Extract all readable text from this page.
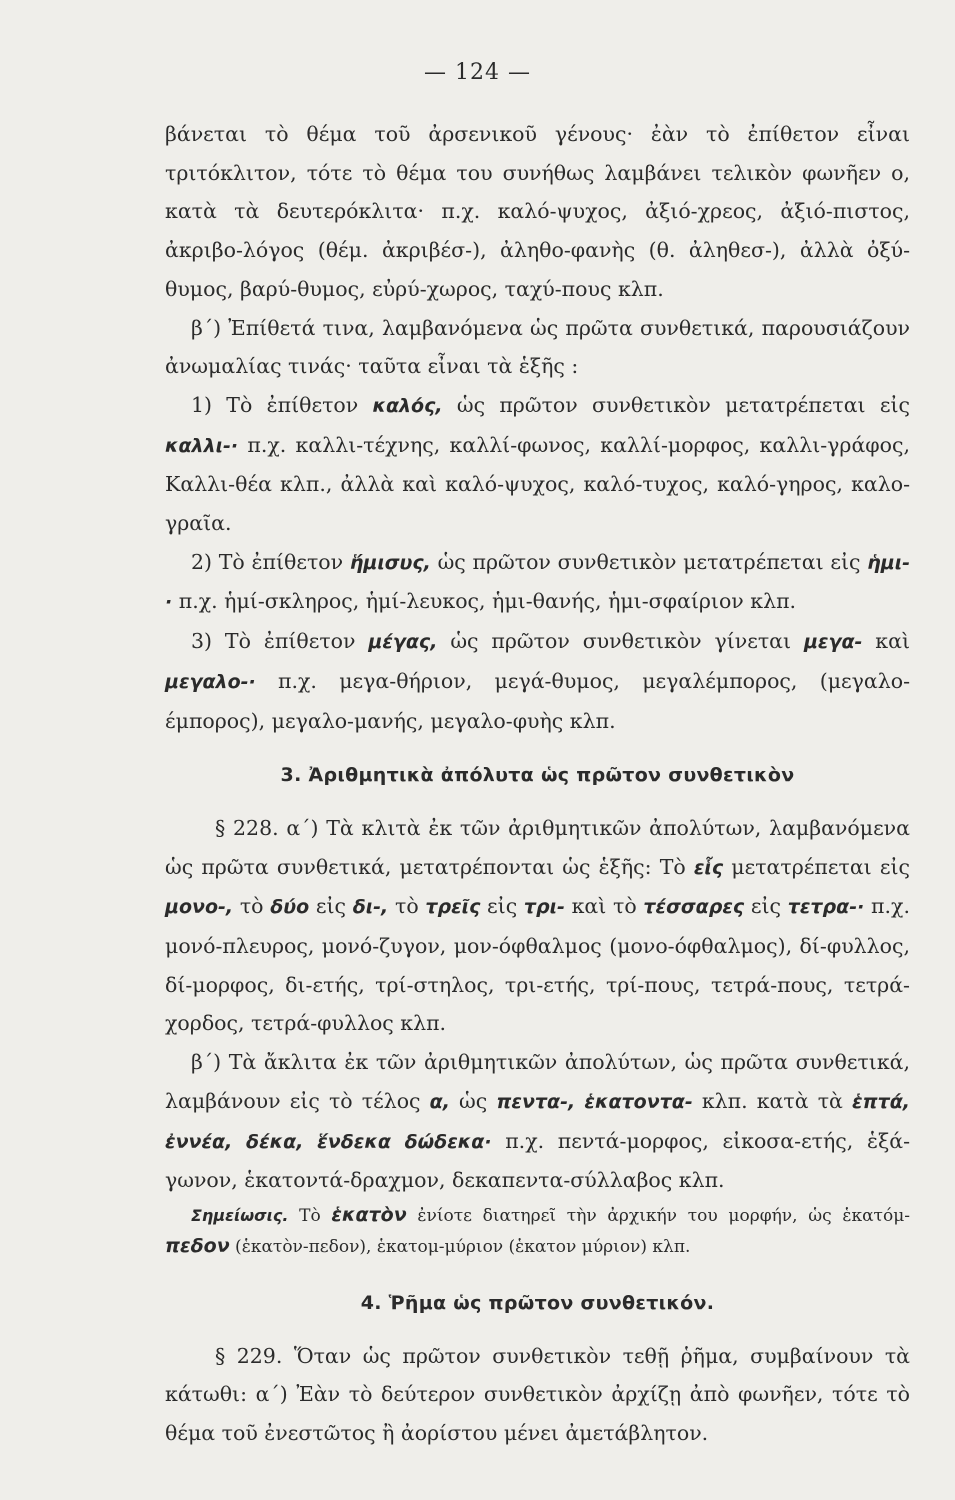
— 124 —

βάνεται τὸ θέμα τοῦ ἀρσενικοῦ γένους· ἐὰν τὸ ἐπίθετον εἶναι τριτόκλιτον, τότε τὸ θέμα του συνήθως λαμβάνει τελικὸν φωνῆεν ο, κατὰ τὰ δευτερόκλιτα· π.χ. καλό-ψυχος, ἀξιό-χρεος, ἀξιό-πιστος, ἀκριβο-λόγος (θέμ. ἀκριβέσ-), ἀληθο-φανὴς (θ. ἀληθεσ-), ἀλλὰ ὀξύ-θυμος, βαρύ-θυμος, εὐρύ-χωρος, ταχύ-πους κλπ.

β΄) Ἐπίθετά τινα, λαμβανόμενα ὡς πρῶτα συνθετικά, παρουσιάζουν ἀνωμαλίας τινάς· ταῦτα εἶναι τὰ ἑξῆς :

1) Τὸ ἐπίθετον καλός, ὡς πρῶτον συνθετικὸν μετατρέπεται εἰς καλλι-· π.χ. καλλι-τέχνης, καλλί-φωνος, καλλί-μορφος, καλλι-γράφος, Καλλι-θέα κλπ., ἀλλὰ καὶ καλό-ψυχος, καλό-τυχος, καλό-γηρος, καλο-γραῖα.

2) Τὸ ἐπίθετον ἥμισυς, ὡς πρῶτον συνθετικὸν μετατρέπεται εἰς ἡμι-· π.χ. ἡμί-σκληρος, ἡμί-λευκος, ἡμι-θανής, ἡμι-σφαίριον κλπ.

3) Τὸ ἐπίθετον μέγας, ὡς πρῶτον συνθετικὸν γίνεται μεγα- καὶ μεγαλο-· π.χ. μεγα-θήριον, μεγά-θυμος, μεγαλέμπορος, (μεγαλο-έμπορος), μεγαλο-μανής, μεγαλο-φυὴς κλπ.

3. Ἀριθμητικὰ ἀπόλυτα ὡς πρῶτον συνθετικὸν

§ 228. α΄) Τὰ κλιτὰ ἐκ τῶν ἀριθμητικῶν ἀπολύτων, λαμβανόμενα ὡς πρῶτα συνθετικά, μετατρέπονται ὡς ἑξῆς: Τὸ εἷς μετατρέπεται εἰς μονο-, τὸ δύο εἰς δι-, τὸ τρεῖς εἰς τρι- καὶ τὸ τέσσαρες εἰς τετρα-· π.χ. μονό-πλευρος, μονό-ζυγον, μον-όφθαλμος (μονο-όφθαλμος), δί-φυλλος, δί-μορφος, δι-ετής, τρί-στηλος, τρι-ετής, τρί-πους, τετρά-πους, τετρά-χορδος, τετρά-φυλλος κλπ.

β΄) Τὰ ἄκλιτα ἐκ τῶν ἀριθμητικῶν ἀπολύτων, ὡς πρῶτα συνθετικά, λαμβάνουν εἰς τὸ τέλος α, ὡς πεντα-, ἑκατοντα- κλπ. κατὰ τὰ ἑπτά, ἐννέα, δέκα, ἕνδεκα δώδεκα· π.χ. πεντά-μορφος, εἰκοσα-ετής, ἑξά-γωνον, ἑκατοντά-δραχμον, δεκαπεντα-σύλλαβος κλπ.

Σημείωσις. Τὸ ἑκατὸν ἐνίοτε διατηρεῖ τὴν ἀρχικήν του μορφήν, ὡς ἑκατόμ-πεδον (ἑκατὸν-πεδον), ἑκατομ-μύριον (ἑκατον μύριον) κλπ.

4. Ῥῆμα ὡς πρῶτον συνθετικόν.

§ 229. Ὅταν ὡς πρῶτον συνθετικὸν τεθῇ ῥῆμα, συμβαίνουν τὰ κάτωθι: α΄) Ἐὰν τὸ δεύτερον συνθετικὸν ἀρχίζῃ ἀπὸ φωνῆεν, τότε τὸ θέμα τοῦ ἐνεστῶτος ἢ ἀορίστου μένει ἀμετάβλητον.
